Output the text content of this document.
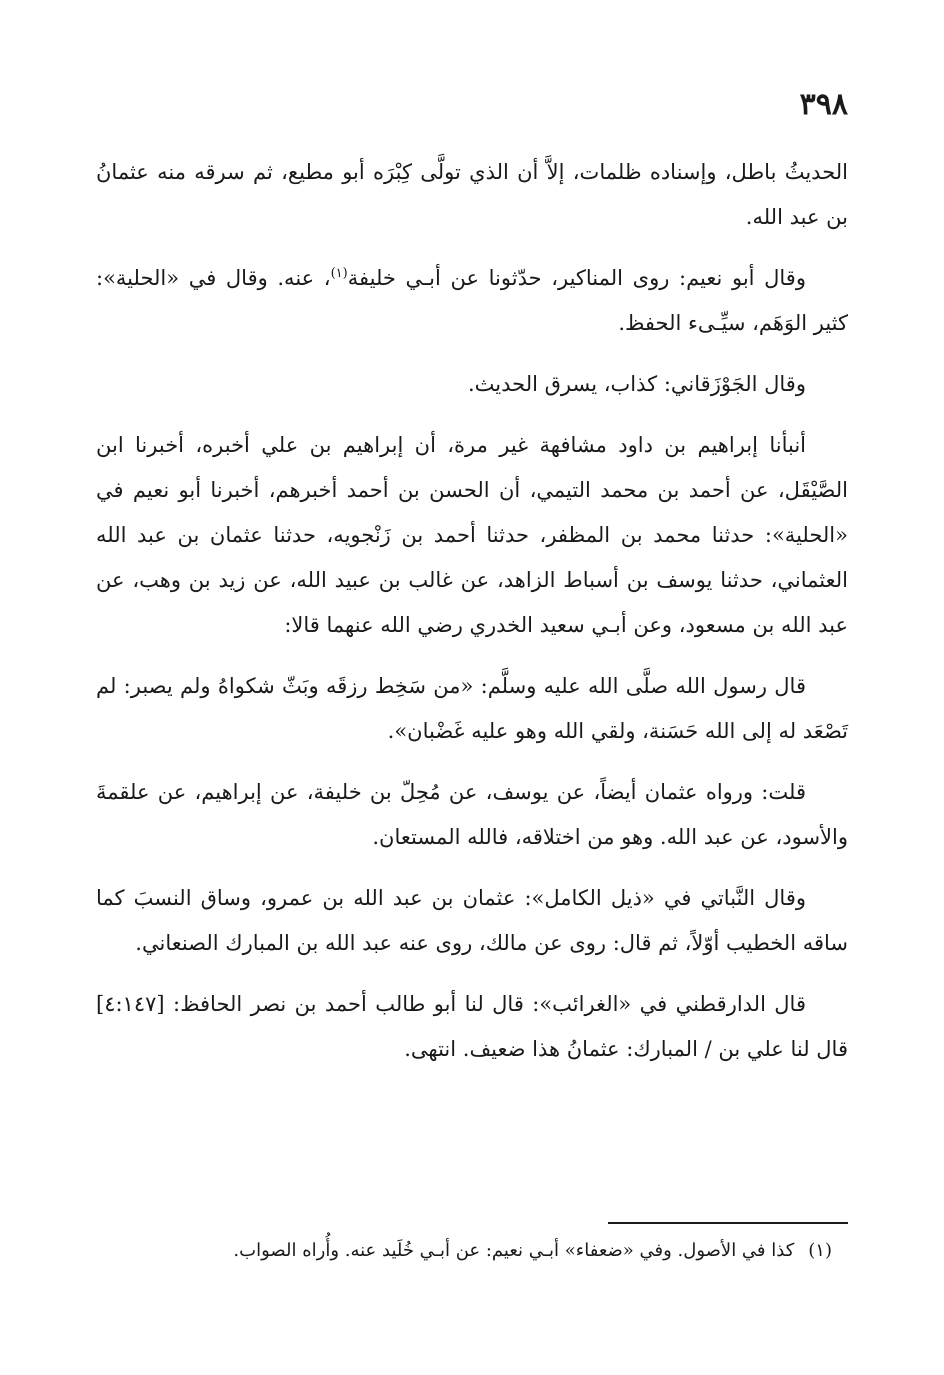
٣٩٨

الحديثُ باطل، وإسناده ظلمات، إلاَّ أن الذي تولَّى كِبْرَه أبو مطيع، ثم سرقه منه عثمانُ بن عبد الله.

وقال أبو نعيم: روى المناكير، حدّثونا عن أبـي خليفة$^{(١)}$، عنه. وقال في «الحلية»: كثير الوَهَم، سيِّـىء الحفظ.

وقال الجَوْزَقاني: كذاب، يسرق الحديث.

أنبأنا إبراهيم بن داود مشافهة غير مرة، أن إبراهيم بن علي أخبره، أخبرنا ابن الصَّيْقَل، عن أحمد بن محمد التيمي، أن الحسن بن أحمد أخبرهم، أخبرنا أبو نعيم في «الحلية»: حدثنا محمد بن المظفر، حدثنا أحمد بن زَنْجويه، حدثنا عثمان بن عبد الله العثماني، حدثنا يوسف بن أسباط الزاهد، عن غالب بن عبيد الله، عن زيد بن وهب، عن عبد الله بن مسعود، وعن أبـي سعيد الخدري رضي الله عنهما قالا:

قال رسول الله صلَّى الله عليه وسلَّم: «من سَخِط رزقَه وبَثّ شكواهُ ولم يصبر: لم تَصْعَد له إلى الله حَسَنة، ولقي الله وهو عليه غَضْبان».

قلت: ورواه عثمان أيضاً، عن يوسف، عن مُحِلّ بن خليفة، عن إبراهيم، عن علقمةَ والأسود، عن عبد الله. وهو من اختلاقه، فالله المستعان.

وقال النَّباتي في «ذيل الكامل»: عثمان بن عبد الله بن عمرو، وساق النسبَ كما ساقه الخطيب أوّلاً، ثم قال: روى عن مالك، روى عنه عبد الله بن المبارك الصنعاني.

قال الدارقطني في «الغرائب»: قال لنا أبو طالب أحمد بن نصر الحافظ: [٤:١٤٧] قال لنا علي بن / المبارك: عثمانُ هذا ضعيف. انتهى.

(١)كذا في الأصول. وفي «ضعفاء» أبـي نعيم: عن أبـي خُلَيد عنه. وأُراه الصواب.
